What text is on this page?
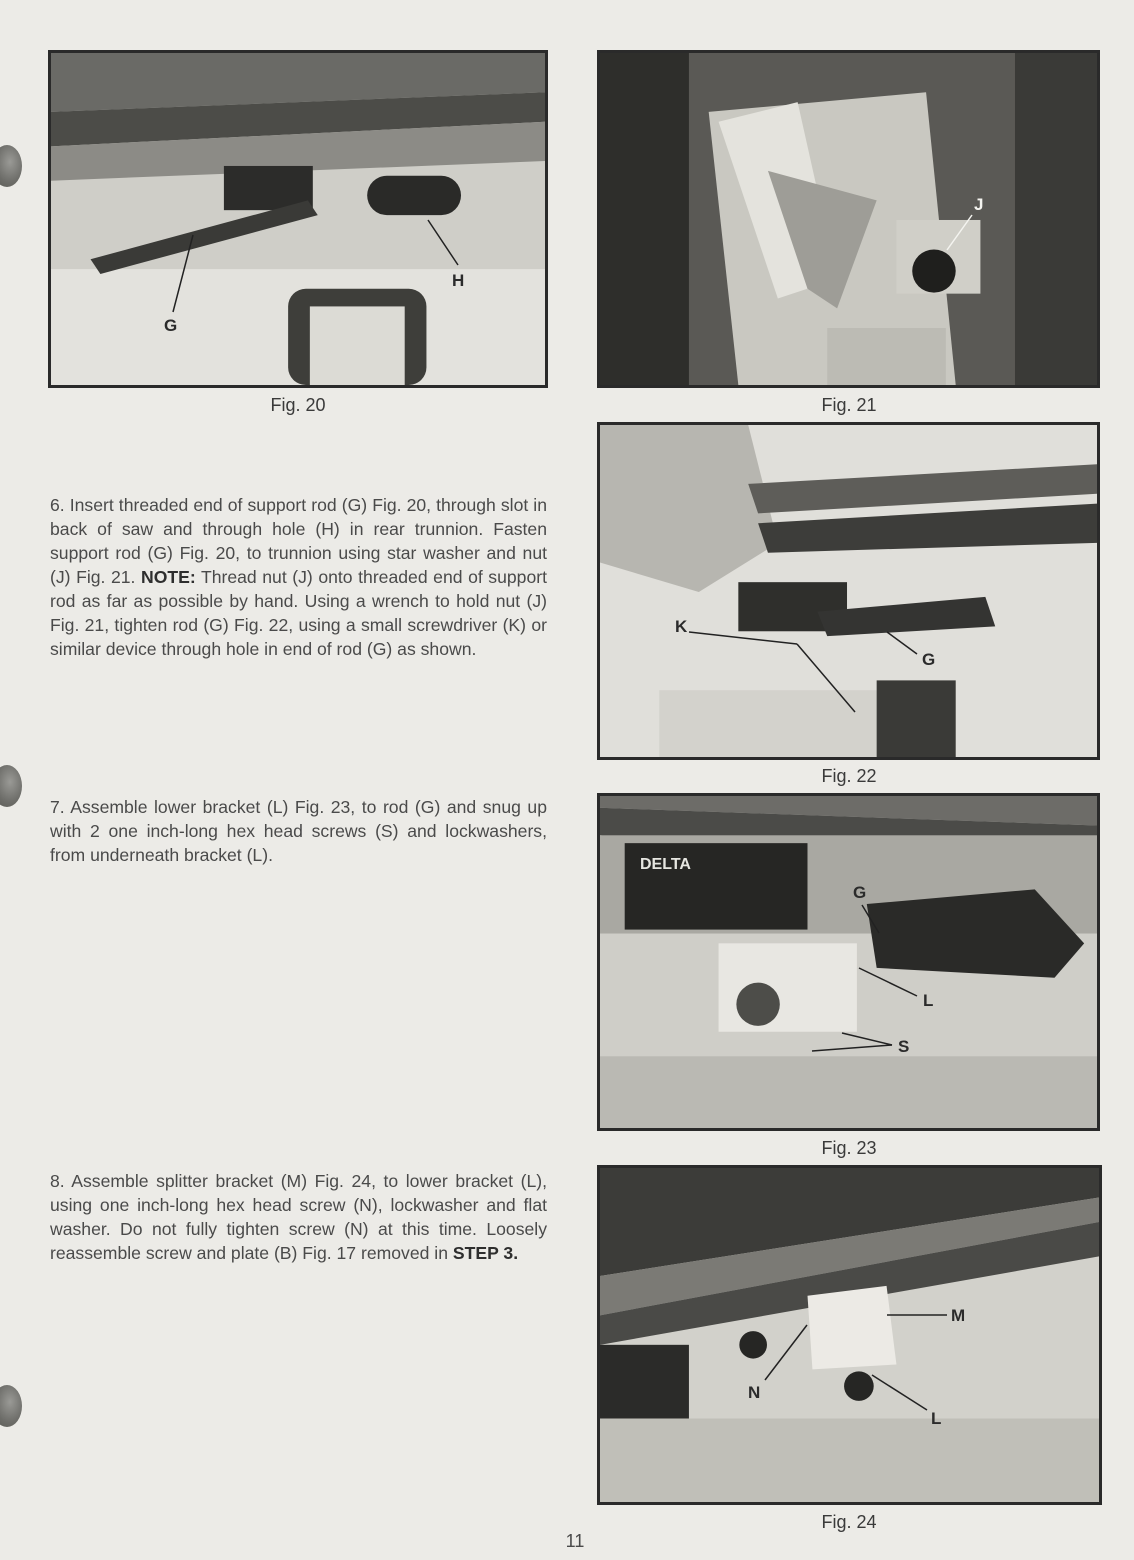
H
G
Fig. 20
J
Fig. 21
K
G
Fig. 22
DELTA
G
L
S
Fig. 23
M
N
L
Fig. 24

6. Insert threaded end of support rod (G) Fig. 20, through slot in back of saw and through hole (H) in rear trunnion. Fasten support rod (G) Fig. 20, to trunnion using star washer and nut (J) Fig. 21. NOTE: Thread nut (J) onto threaded end of support rod as far as possible by hand. Using a wrench to hold nut (J) Fig. 21, tighten rod (G) Fig. 22, using a small screwdriver (K) or similar device through hole in end of rod (G) as shown.

7. Assemble lower bracket (L) Fig. 23, to rod (G) and snug up with 2 one inch-long hex head screws (S) and lockwashers, from underneath bracket (L).

8. Assemble splitter bracket (M) Fig. 24, to lower bracket (L), using one inch-long hex head screw (N), lockwasher and flat washer. Do not fully tighten screw (N) at this time. Loosely reassemble screw and plate (B) Fig. 17 removed in STEP 3.

11
